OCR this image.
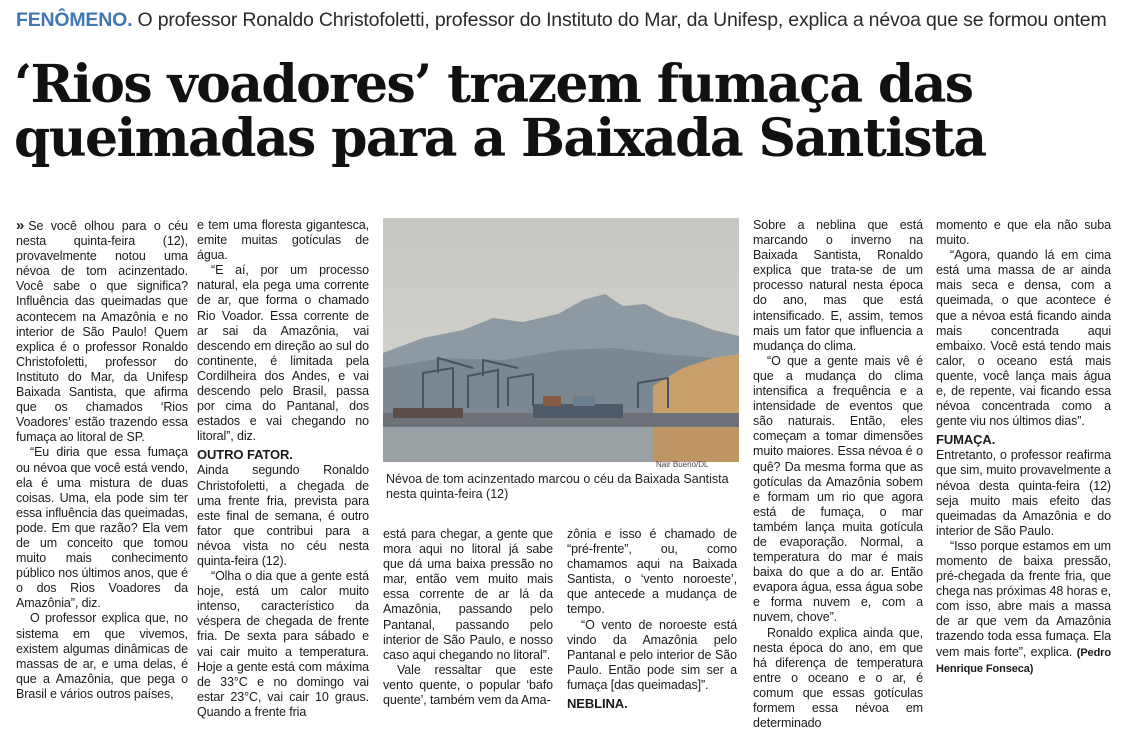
FENÔMENO. O professor Ronaldo Christofoletti, professor do Instituto do Mar, da Unifesp, explica a névoa que se formou ontem
‘Rios voadores’ trazem fumaça das
queimadas para a Baixada Santista

» Se você olhou para o céu nesta quinta-feira (12), provavelmente notou uma névoa de tom acinzentado. Você sabe o que significa? Influência das queimadas que acontecem na Amazônia e no interior de São Paulo! Quem explica é o professor Ronaldo Christofoletti, professor do Instituto do Mar, da Unifesp Baixada Santista, que afirma que os chamados ‘Rios Voadores’ estão trazendo essa fumaça ao litoral de SP.

“Eu diria que essa fumaça ou névoa que você está vendo, ela é uma mistura de duas coisas. Uma, ela pode sim ter essa influência das queimadas, pode. Em que razão? Ela vem de um conceito que tomou muito mais conhecimento público nos últimos anos, que é o dos Rios Voadores da Amazônia”, diz.

O professor explica que, no sistema em que vivemos, existem algumas dinâmicas de massas de ar, e uma delas, é que a Amazônia, que pega o Brasil e vários outros países,

e tem uma floresta gigantesca, emite muitas gotículas de água.

“E aí, por um processo natural, ela pega uma corrente de ar, que forma o chamado Rio Voador. Essa corrente de ar sai da Amazônia, vai descendo em direção ao sul do continente, é limitada pela Cordilheira dos Andes, e vai descendo pelo Brasil, passa por cima do Pantanal, dos estados e vai chegando no litoral”, diz.

OUTRO FATOR.

Ainda segundo Ronaldo Christofoletti, a chegada de uma frente fria, prevista para este final de semana, é outro fator que contribui para a névoa vista no céu nesta quinta-feira (12).

“Olha o dia que a gente está hoje, está um calor muito intenso, característico da véspera de chegada de frente fria. De sexta para sábado e vai cair muito a temperatura. Hoje a gente está com máxima de 33°C e no domingo vai estar 23°C, vai cair 10 graus. Quando a frente fria

Nair Bueno/DL
Névoa de tom acinzentado marcou o céu da Baixada Santista nesta quinta-feira (12)

está para chegar, a gente que mora aqui no litoral já sabe que dá uma baixa pressão no mar, então vem muito mais essa corrente de ar lá da Amazônia, passando pelo Pantanal, passando pelo interior de São Paulo, e nosso caso aqui chegando no litoral”.

Vale ressaltar que este vento quente, o popular ‘bafo quente’, também vem da Ama-

zônia e isso é chamado de “pré-frente”, ou, como chamamos aqui na Baixada Santista, o ‘vento noroeste’, que antecede a mudança de tempo.

“O vento de noroeste está vindo da Amazônia pelo Pantanal e pelo interior de São Paulo. Então pode sim ser a fumaça [das queimadas]”.

NEBLINA.

Sobre a neblina que está marcando o inverno na Baixada Santista, Ronaldo explica que trata-se de um processo natural nesta época do ano, mas que está intensificado. E, assim, temos mais um fator que influencia a mudança do clima.

“O que a gente mais vê é que a mudança do clima intensifica a frequência e a intensidade de eventos que são naturais. Então, eles começam a tomar dimensões muito maiores. Essa névoa é o quê? Da mesma forma que as gotículas da Amazônia sobem e formam um rio que agora está de fumaça, o mar também lança muita gotícula de evaporação. Normal, a temperatura do mar é mais baixa do que a do ar. Então evapora água, essa água sobe e forma nuvem e, com a nuvem, chove”.

Ronaldo explica ainda que, nesta época do ano, em que há diferença de temperatura entre o oceano e o ar, é comum que essas gotículas formem essa névoa em determinado

momento e que ela não suba muito.

“Agora, quando lá em cima está uma massa de ar ainda mais seca e densa, com a queimada, o que acontece é que a névoa está ficando ainda mais concentrada aqui embaixo. Você está tendo mais calor, o oceano está mais quente, você lança mais água e, de repente, vai ficando essa névoa concentrada como a gente viu nos últimos dias”.

FUMAÇA.

Entretanto, o professor reafirma que sim, muito provavelmente a névoa desta quinta-feira (12) seja muito mais efeito das queimadas da Amazônia e do interior de São Paulo.

“Isso porque estamos em um momento de baixa pressão, pré-chegada da frente fria, que chega nas próximas 48 horas e, com isso, abre mais a massa de ar que vem da Amazônia trazendo toda essa fumaça. Ela vem mais forte”, explica. (Pedro Henrique Fonseca)
